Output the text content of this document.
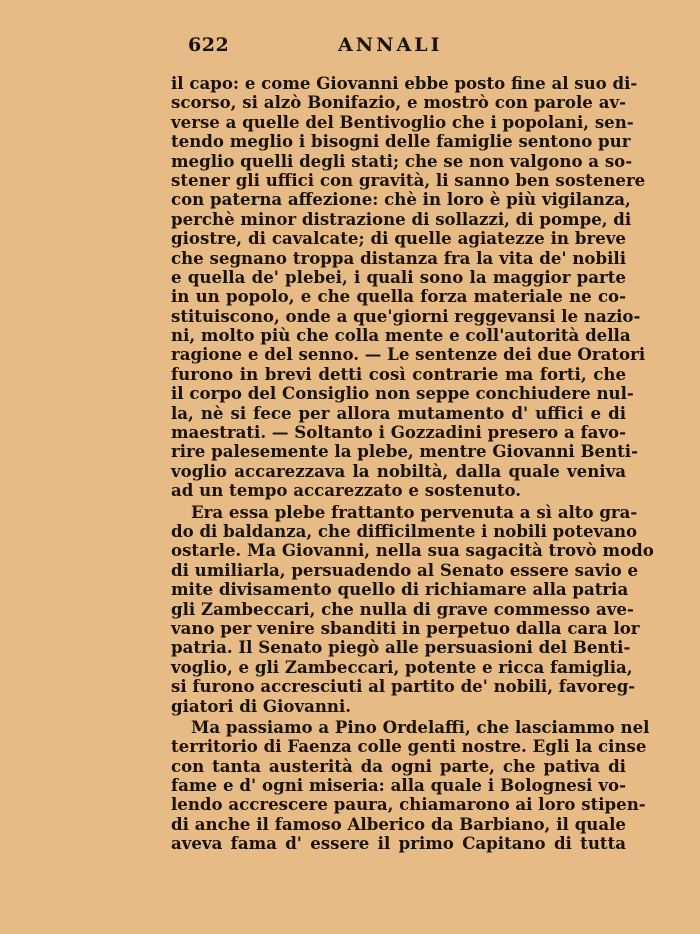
622	ANNALI
il capo: e come Giovanni ebbe posto fine al suo di-
scorso, si alzò Bonifazio, e mostrò con parole av-
verse a quelle del Bentivoglio che i popolani, sen-
tendo meglio i bisogni delle famiglie sentono pur
meglio quelli degli stati; che se non valgono a so-
stener gli uffici con gravità, li sanno ben sostenere
con paterna affezione: chè in loro è più vigilanza,
perchè minor distrazione di sollazzi, di pompe, di
giostre, di cavalcate; di quelle agiatezze in breve
che segnano troppa distanza fra la vita de' nobili
e quella de' plebei, i quali sono la maggior parte
in un popolo, e che quella forza materiale ne co-
stituiscono, onde a que'giorni reggevansi le nazio-
ni, molto più che colla mente e coll'autorità della
ragione e del senno. — Le sentenze dei due Oratori
furono in brevi detti così contrarie ma forti, che
il corpo del Consiglio non seppe conchiudere nul-
la, nè si fece per allora mutamento d' uffici e di
maestrati. — Soltanto i Gozzadini presero a favo-
rire palesemente la plebe, mentre Giovanni Benti-
voglio accarezzava la nobiltà, dalla quale veniva
ad un tempo accarezzato e sostenuto.
Era essa plebe frattanto pervenuta a sì alto gra-
do di baldanza, che difficilmente i nobili potevano
ostarle. Ma Giovanni, nella sua sagacità trovò modo
di umiliarla, persuadendo al Senato essere savio e
mite divisamento quello di richiamare alla patria
gli Zambeccari, che nulla di grave commesso ave-
vano per venire sbanditi in perpetuo dalla cara lor
patria. Il Senato piegò alle persuasioni del Benti-
voglio, e gli Zambeccari, potente e ricca famiglia,
si furono accresciuti al partito de' nobili, favoreg-
giatori di Giovanni.
Ma passiamo a Pino Ordelaffi, che lasciammo nel
territorio di Faenza colle genti nostre. Egli la cinse
con tanta austerità da ogni parte, che pativa di
fame e d' ogni miseria: alla quale i Bolognesi vo-
lendo accrescere paura, chiamarono ai loro stipen-
di anche il famoso Alberico da Barbiano, il quale
aveva fama d' essere il primo Capitano di tutta
